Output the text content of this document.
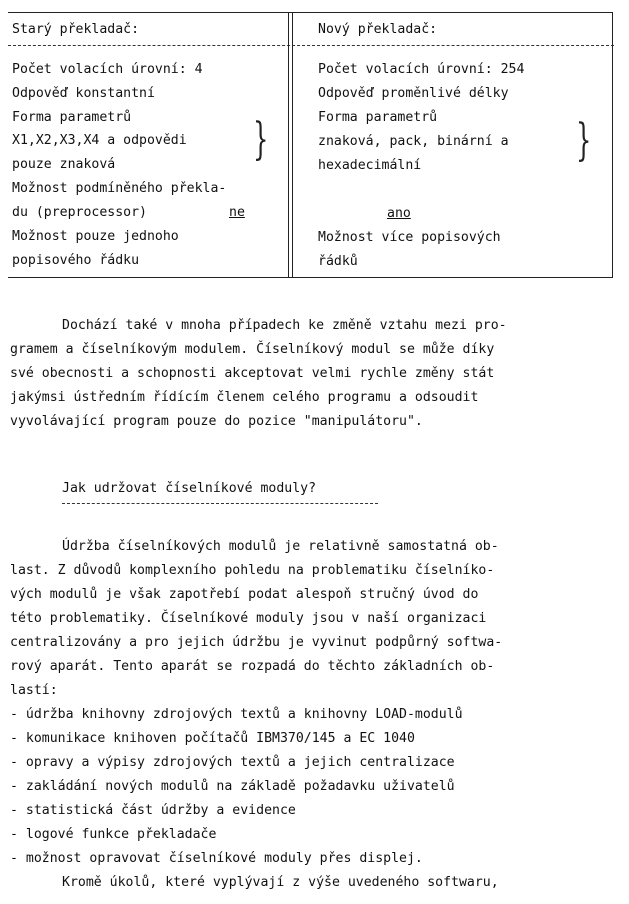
Starý překladač:	Nový překladač:
Počet volacích úrovní: 4
Odpověď konstantní
Forma parametrů
X1,X2,X3,X4 a odpovědi
pouze znaková
Možnost podmíněného překla-
du (preprocessor)	ne
Možnost pouze jednoho
popisového řádku
}
Počet volacích úrovní: 254
Odpověď proměnlivé délky
Forma parametrů
znaková, pack, binární a
hexadecimální
ano
Možnost více popisových
řádků
}
Dochází také v mnoha případech ke změně vztahu mezi pro-
gramem a číselníkovým modulem. Číselníkový modul se může díky
své obecnosti a schopnosti akceptovat velmi rychle změny stát
jakýmsi ústředním řídícím členem celého programu a odsoudit
vyvolávající program pouze do pozice "manipulátoru".
Jak udržovat číselníkové moduly?
Údržba číselníkových modulů je relativně samostatná ob-
last. Z důvodů komplexního pohledu na problematiku číselníko-
vých modulů je však zapotřebí podat alespoň stručný úvod do
této problematiky. Číselníkové moduly jsou v naší organizaci
centralizovány a pro jejich údržbu je vyvinut podpůrný softwa-
rový aparát. Tento aparát se rozpadá do těchto základních ob-
lastí:
- údržba knihovny zdrojových textů a knihovny LOAD-modulů
- komunikace knihoven počítačů IBM370/145 a EC 1040
- opravy a výpisy zdrojových textů a jejich centralizace
- zakládání nových modulů na základě požadavku uživatelů
- statistická část údržby a evidence
- logové funkce překladače
- možnost opravovat číselníkové moduly přes displej.
Kromě úkolů, které vyplývají z výše uvedeného softwaru,
